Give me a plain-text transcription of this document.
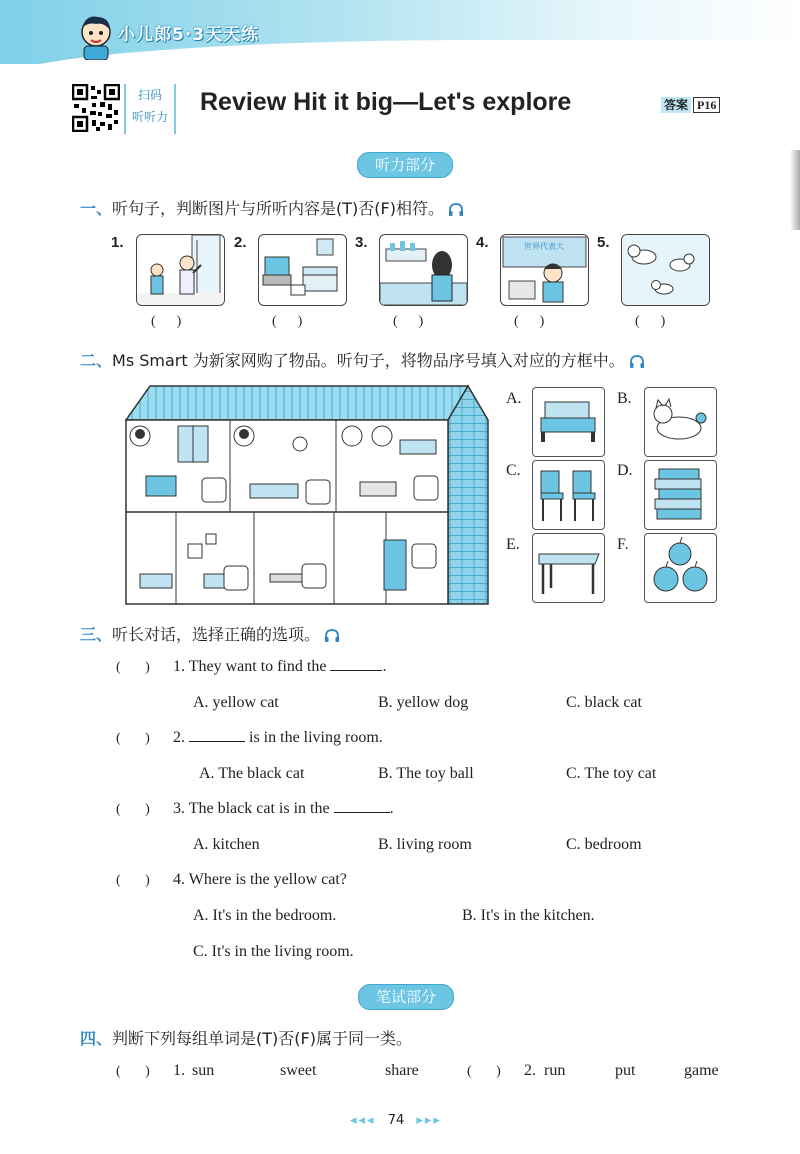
小儿郎5·3天天练
扫码
听听力
Review Hit it big—Let's explore	答案 P16
听力部分
一、听句子，判断图片与所听内容是(T)否(F)相符。
1.
(      )
2.
(      )
3.
(      )
4.	世界代表大
(      )
5.
(      )
二、Ms Smart 为新家网购了物品。听句子，将物品序号填入对应的方框中。
A.	B.
C.	D.
E.	F.
三、听长对话，选择正确的选项。
(       ) 1. They want to find the	.
A. yellow cat	B. yellow dog	C. black cat
(       ) 2.	is in the living room.
A. The black cat	B. The toy ball	C. The toy cat
(       ) 3. The black cat is in the	.
A. kitchen	B. living room	C. bedroom
(       ) 4. Where is the yellow cat?
A. It's in the bedroom.	B. It's in the kitchen.
C. It's in the living room.
笔试部分
四、判断下列每组单词是(T)否(F)属于同一类。
(       ) 1. sun	sweet	share	(       ) 2. run	put	game
◂◂◂ 74 ▸▸▸
